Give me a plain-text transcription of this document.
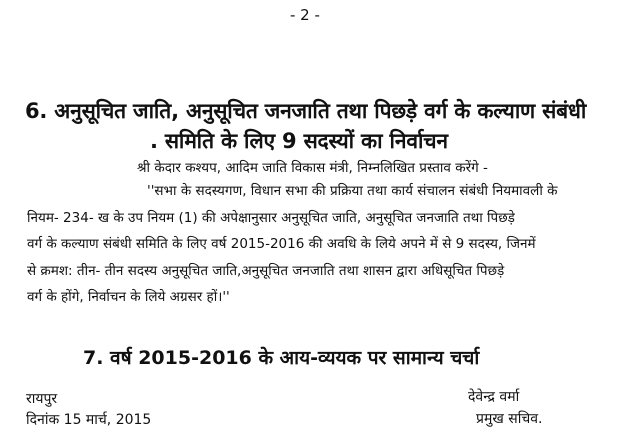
- 2 -
6. अनुसूचित जाति, अनुसूचित जनजाति तथा पिछड़े वर्ग के कल्याण संबंधी
. समिति के लिए 9 सदस्यों का निर्वाचन
श्री केदार कश्यप, आदिम जाति विकास मंत्री, निम्नलिखित प्रस्ताव करेंगे -
''सभा के सदस्यगण, विधान सभा की प्रक्रिया तथा कार्य संचालन संबंधी नियमावली के
नियम- 234- ख के उप नियम (1) की अपेक्षानुसार अनुसूचित जाति, अनुसूचित जनजाति तथा पिछड़े
वर्ग के कल्याण संबंधी समिति के लिए वर्ष 2015-2016 की अवधि के लिये अपने में से 9 सदस्य, जिनमें
से क्रमश: तीन- तीन सदस्य अनुसूचित जाति,अनुसूचित जनजाति तथा शासन द्वारा अधिसूचित पिछड़े
वर्ग के होंगे, निर्वाचन के लिये अग्रसर हों।''
7. वर्ष 2015-2016 के आय-व्ययक पर सामान्य चर्चा
रायपुर
दिनांक 15 मार्च, 2015
देवेन्द्र वर्मा
प्रमुख सचिव.
